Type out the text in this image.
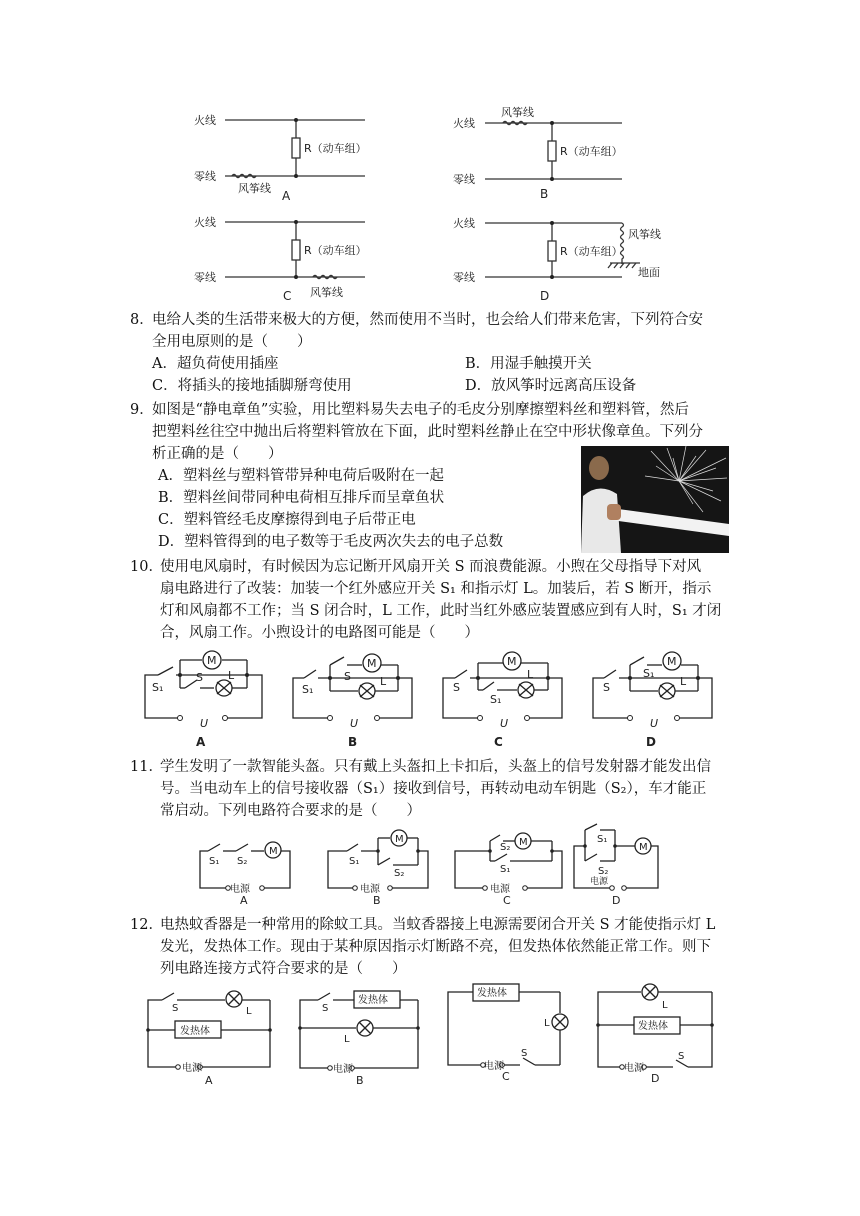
火线
零线
R（动车组）
风筝线
A
火线
零线
风筝线
R（动车组）
B
火线
零线
R（动车组）
风筝线
C
火线
零线
R（动车组）
风筝线
地面
D
8．
电给人类的生活带来极大的方便，然而使用不当时，也会给人们带来危害，下列符合安
全用电原则的是（　　）
A．超负荷使用插座	B．用湿手触摸开关
C．将插头的接地插脚掰弯使用	D．放风筝时远离高压设备
9．
如图是“静电章鱼”实验，用比塑料易失去电子的毛皮分别摩擦塑料丝和塑料管，然后
把塑料丝往空中抛出后将塑料管放在下面，此时塑料丝静止在空中形状像章鱼。下列分
析正确的是（　　）
A．塑料丝与塑料管带异种电荷后吸附在一起
B．塑料丝间带同种电荷相互排斥而呈章鱼状
C．塑料管经毛皮摩擦得到电子后带正电
D．塑料管得到的电子数等于毛皮两次失去的电子总数
10．
使用电风扇时，有时候因为忘记断开风扇开关 S 而浪费能源。小煦在父母指导下对风
扇电路进行了改装：加装一个红外感应开关 S₁ 和指示灯 L。加装后，若 S 断开，指示
灯和风扇都不工作；当 S 闭合时，L 工作，此时当红外感应装置感应到有人时，S₁ 才闭
合，风扇工作。小煦设计的电路图可能是（　　）
M
S₁
S L
U
A
M
S₁
S	L
U
B
M
S
S₁
L
U
C
M
S
S₁
L
U
D
11．
学生发明了一款智能头盔。只有戴上头盔扣上卡扣后，头盔上的信号发射器才能发出信
号。当电动车上的信号接收器（S₁）接收到信号，再转动电动车钥匙（S₂），车才能正
常启动。下列电路符合要求的是（　　）
M
S₁ S₂
电源
A
M
S₁
S₂
电源
B
M
S₂
S₁
电源
C
M
S₁
S₂
电源
D
12．
电热蚊香器是一种常用的除蚊工具。当蚊香器接上电源需要闭合开关 S 才能使指示灯 L
发光，发热体工作。现由于某种原因指示灯断路不亮，但发热体依然能正常工作。则下
列电路连接方式符合要求的是（　　）
S	L
发热体
电源
A
S
发热体
L
电源
B
发热体
L
S
电源
C
L
发热体
S
电源
D
